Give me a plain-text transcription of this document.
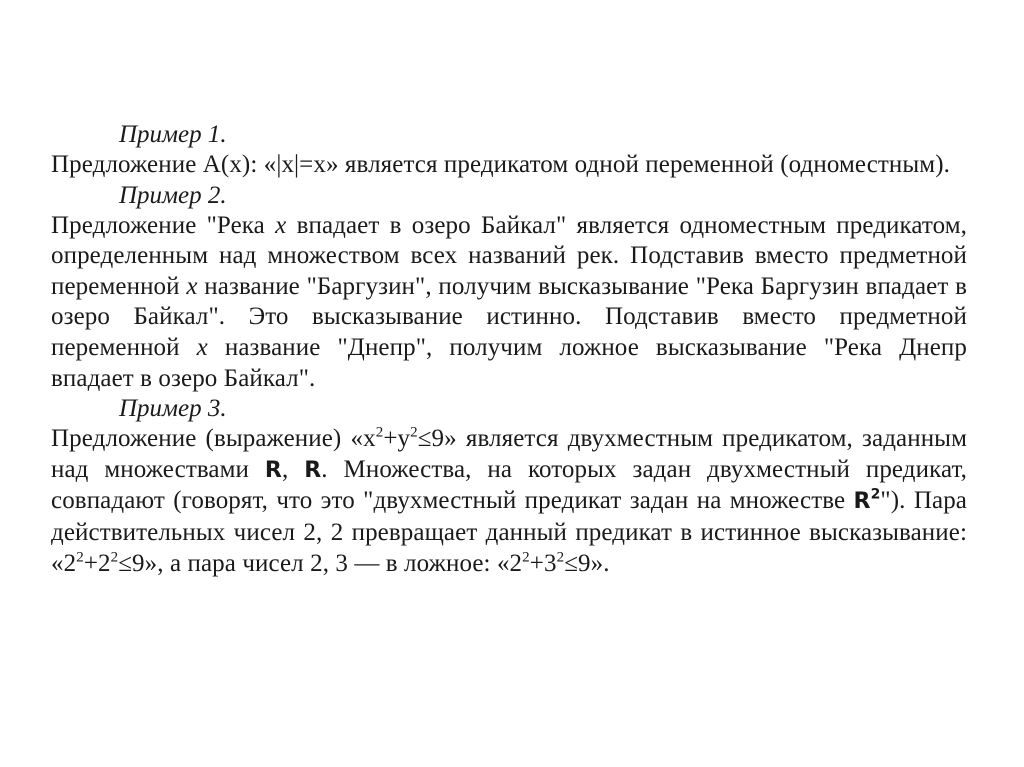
Пример 1.

Предложение A(x): «|x|=x» является предикатом одной переменной (одноместным).

Пример 2.

Предложение "Река x впадает в озеро Байкал" является одноместным предикатом, определенным над множеством всех названий рек. Подставив вместо предметной переменной x название "Баргузин", получим высказывание "Река Баргузин впадает в озеро Байкал". Это высказывание истинно. Подставив вместо предметной переменной x название "Днепр", получим ложное высказывание "Река Днепр впадает в озеро Байкал".

Пример 3.

Предложение (выражение) «$x^2+y^2\le 9$» является двухместным предикатом, заданным над множествами R, R. Множества, на которых задан двухместный предикат, совпадают (говорят, что это "двухместный предикат задан на множестве $R^2$"). Пара действительных чисел 2, 2 превращает данный предикат в истинное высказывание: «$2^2+2^2\le 9$», а пара чисел 2, 3 — в ложное: «$2^2+3^2\le 9$».
